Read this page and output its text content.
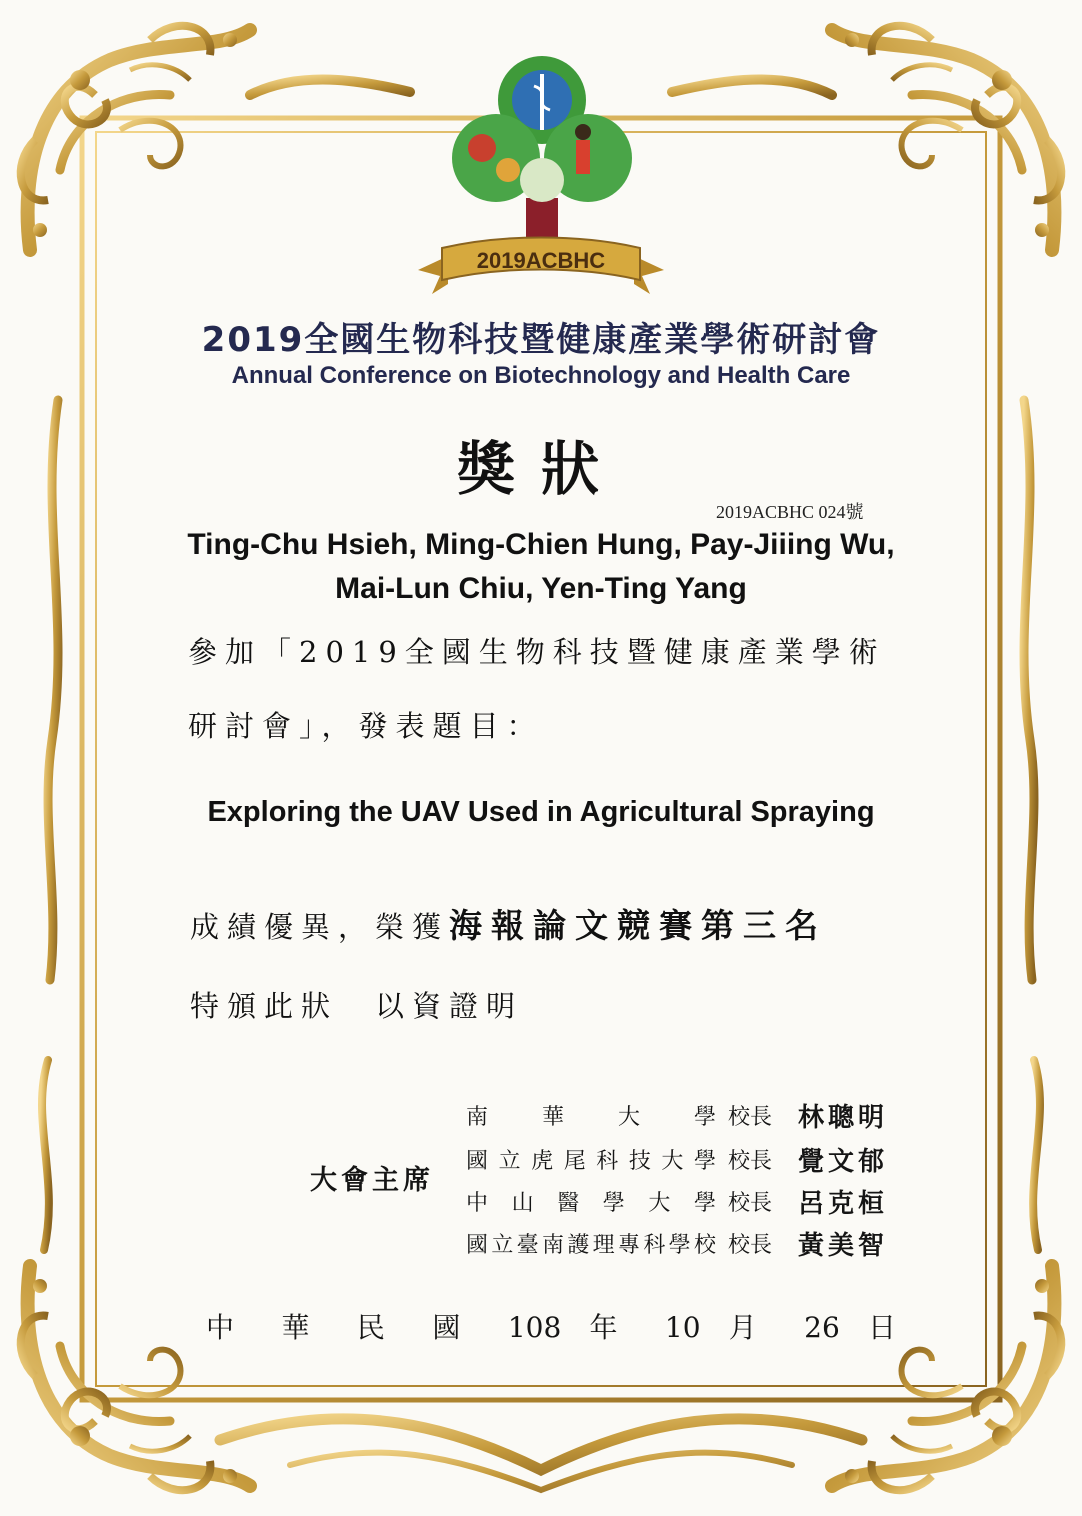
2019ACBHC
2019全國生物科技暨健康產業學術研討會
Annual Conference on Biotechnology and Health Care
獎狀
2019ACBHC 024號
Ting-Chu Hsieh, Ming-Chien Hung, Pay-Jiiing Wu,
Mai-Lun Chiu, Yen-Ting Yang
參加「2019全國生物科技暨健康產業學術
研討會」，發表題目：
Exploring the UAV Used in Agricultural Spraying
成績優異，榮獲海報論文競賽第三名
特頒此狀　以資證明
大會主席
南華大學 校長 林聰明
國立虎尾科技大學 校長 覺文郁
中山醫學大學 校長 呂克桓
國立臺南護理專科學校 校長 黃美智
中 華 民 國 108 年 10 月 26 日
